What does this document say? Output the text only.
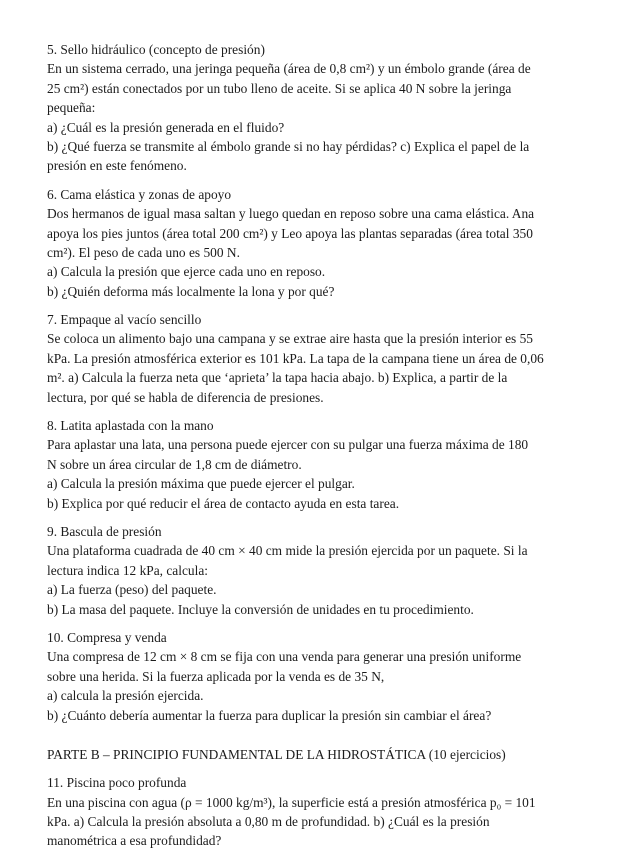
5. Sello hidráulico (concepto de presión)
En un sistema cerrado, una jeringa pequeña (área de 0,8 cm²) y un émbolo grande (área de
25 cm²) están conectados por un tubo lleno de aceite. Si se aplica 40 N sobre la jeringa
pequeña:
a) ¿Cuál es la presión generada en el fluido?
b) ¿Qué fuerza se transmite al émbolo grande si no hay pérdidas? c) Explica el papel de la
presión en este fenómeno.
6. Cama elástica y zonas de apoyo
Dos hermanos de igual masa saltan y luego quedan en reposo sobre una cama elástica. Ana
apoya los pies juntos (área total 200 cm²) y Leo apoya las plantas separadas (área total 350
cm²). El peso de cada uno es 500 N.
a) Calcula la presión que ejerce cada uno en reposo.
b) ¿Quién deforma más localmente la lona y por qué?
7. Empaque al vacío sencillo
Se coloca un alimento bajo una campana y se extrae aire hasta que la presión interior es 55
kPa. La presión atmosférica exterior es 101 kPa. La tapa de la campana tiene un área de 0,06
m². a) Calcula la fuerza neta que ‘aprieta’ la tapa hacia abajo. b) Explica, a partir de la
lectura, por qué se habla de diferencia de presiones.
8. Latita aplastada con la mano
Para aplastar una lata, una persona puede ejercer con su pulgar una fuerza máxima de 180
N sobre un área circular de 1,8 cm de diámetro.
a) Calcula la presión máxima que puede ejercer el pulgar.
b) Explica por qué reducir el área de contacto ayuda en esta tarea.
9. Bascula de presión
Una plataforma cuadrada de 40 cm × 40 cm mide la presión ejercida por un paquete. Si la
lectura indica 12 kPa, calcula:
a) La fuerza (peso) del paquete.
b) La masa del paquete. Incluye la conversión de unidades en tu procedimiento.
10. Compresa y venda
Una compresa de 12 cm × 8 cm se fija con una venda para generar una presión uniforme
sobre una herida. Si la fuerza aplicada por la venda es de 35 N,
a) calcula la presión ejercida.
b) ¿Cuánto debería aumentar la fuerza para duplicar la presión sin cambiar el área?
PARTE B – PRINCIPIO FUNDAMENTAL DE LA HIDROSTÁTICA (10 ejercicios)
11. Piscina poco profunda
En una piscina con agua (ρ = 1000 kg/m³), la superficie está a presión atmosférica p₀ = 101
kPa. a) Calcula la presión absoluta a 0,80 m de profundidad. b) ¿Cuál es la presión
manométrica a esa profundidad?
